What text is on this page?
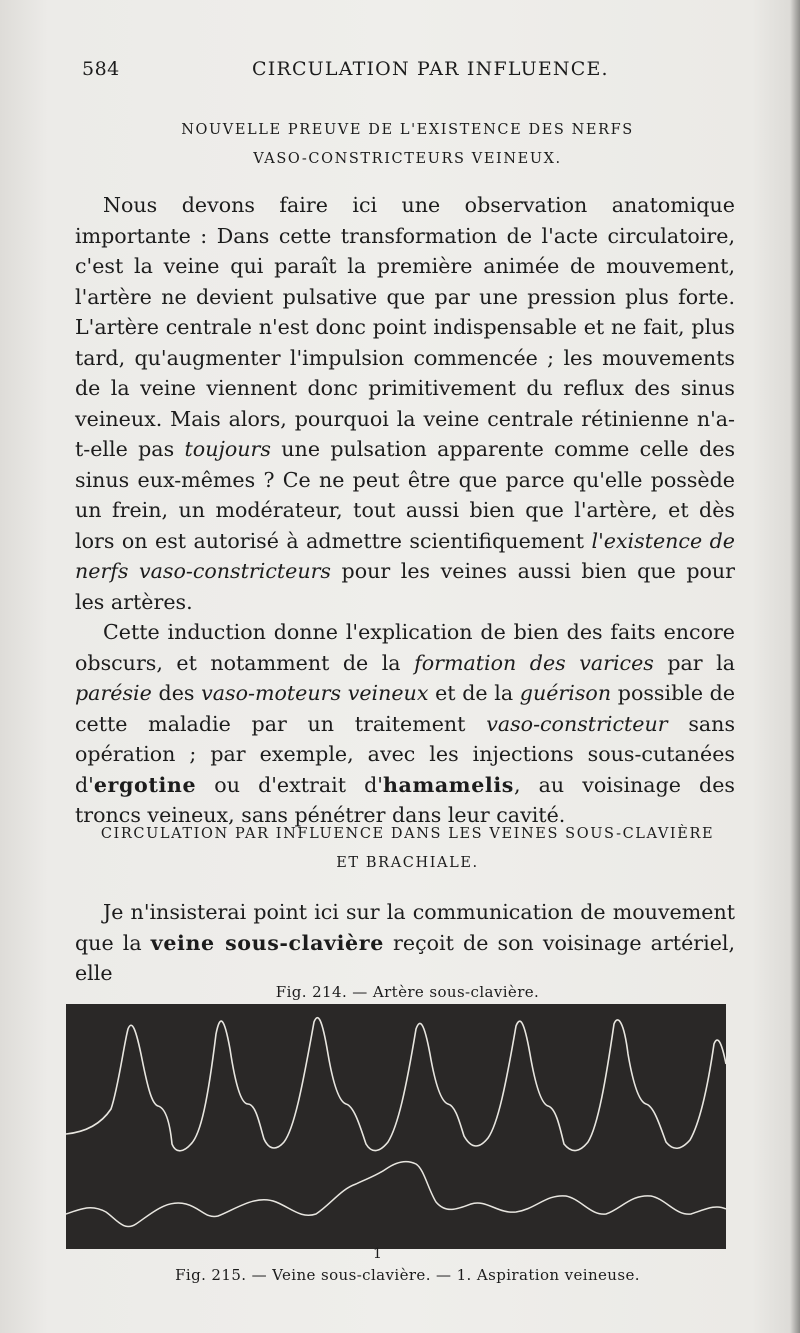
584	CIRCULATION PAR INFLUENCE.
NOUVELLE PREUVE DE L'EXISTENCE DES NERFS
VASO-CONSTRICTEURS VEINEUX.

Nous devons faire ici une observation anatomique importante : Dans cette transformation de l'acte circulatoire, c'est la veine qui paraît la première animée de mouvement, l'artère ne devient pulsative que par une pression plus forte. L'artère centrale n'est donc point indispensable et ne fait, plus tard, qu'augmenter l'impulsion commencée ; les mouvements de la veine viennent donc primitivement du reflux des sinus veineux. Mais alors, pourquoi la veine centrale rétinienne n'a-t-elle pas toujours une pulsation apparente comme celle des sinus eux-mêmes ? Ce ne peut être que parce qu'elle possède un frein, un modérateur, tout aussi bien que l'artère, et dès lors on est autorisé à admettre scientifiquement l'existence de nerfs vaso-constricteurs pour les veines aussi bien que pour les artères.

Cette induction donne l'explication de bien des faits encore obscurs, et notamment de la formation des varices par la parésie des vaso-moteurs veineux et de la guérison possible de cette maladie par un traitement vaso-constricteur sans opération ; par exemple, avec les injections sous-cutanées d'ergotine ou d'extrait d'hamamelis, au voisinage des troncs veineux, sans pénétrer dans leur cavité.

CIRCULATION PAR INFLUENCE DANS LES VEINES SOUS-CLAVIÈRE
ET BRACHIALE.

Je n'insisterai point ici sur la communication de mouvement que la veine sous-clavière reçoit de son voisinage artériel, elle

Fig. 214. — Artère sous-clavière.
1
Fig. 215. — Veine sous-clavière. — 1. Aspiration veineuse.
